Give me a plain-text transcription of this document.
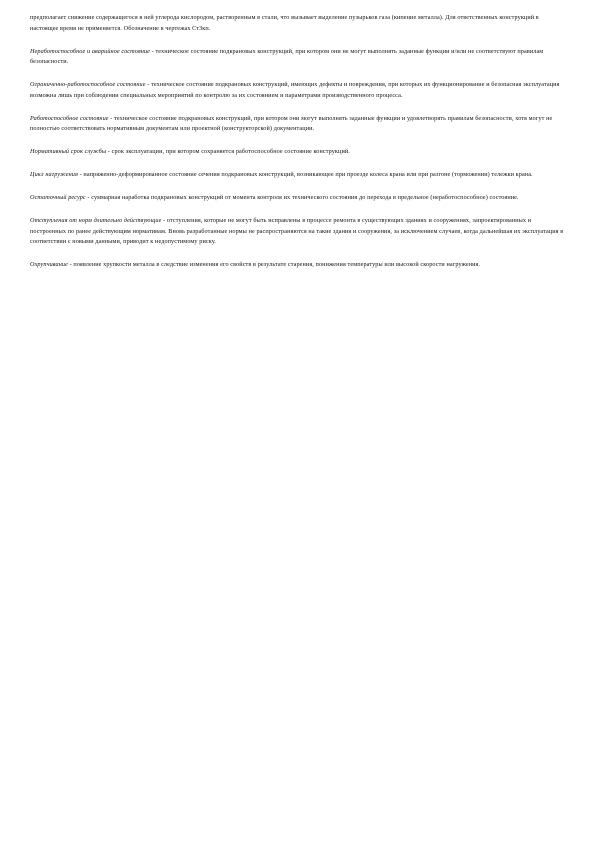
предполагает снижение содержащегося в ней углерода кислородом, растворенным в стали, что вызывает выделение пузырьков газа (кипение металла). Для ответственных конструкций в настоящее время не применяется. Обозначение в чертежах СтЗкп.

Неработоспособное и аварийное состояние - техническое состояние подкрановых конструкций, при котором они не могут выполнять заданные функции и/или не соответствуют правилам безопасности.

Ограниченно-работоспособное состояние - техническое состояние подкрановых конструкций, имеющих дефекты и повреждения, при которых их функционирование и безопасная эксплуатация возможна лишь при соблюдении специальных мероприятий по контролю за их состоянием и параметрами производственного процесса.

Работоспособное состояние - техническое состояние подкрановых конструкций, при котором они могут выполнять заданные функции и удовлетворять правилам безопасности, хотя могут не полностью соответствовать нормативным документам или проектной (конструкторской) документации.

Нормативный срок службы - срок эксплуатации, при котором сохраняется работоспособное состояние конструкций.

Цикл нагружения - напряженно-деформированное состояние сечения подкрановых конструкций, возникающее при проезде колеса крана или при разгоне (торможении) тележки крана.

Остаточный ресурс - суммарная наработка подкрановых конструкций от момента контроля их технического состояния до перехода в предельное (неработоспособное) состояние.

Отступления от норм длительно действующие - отступления, которые не могут быть исправлены в процессе ремонта в существующих зданиях и сооружениях, запроектированных и построенных по ранее действующим нормативам. Вновь разработанные нормы не распространяются на такие здания и сооружения, за исключением случаев, когда дальнейшая их эксплуатация в соответствии с новыми данными, приводит к недопустимому риску.

Охрупчивание - появление хрупкости металла в следствие изменения его свойств в результате старения, понижения температуры или высокой скорости нагружения.
